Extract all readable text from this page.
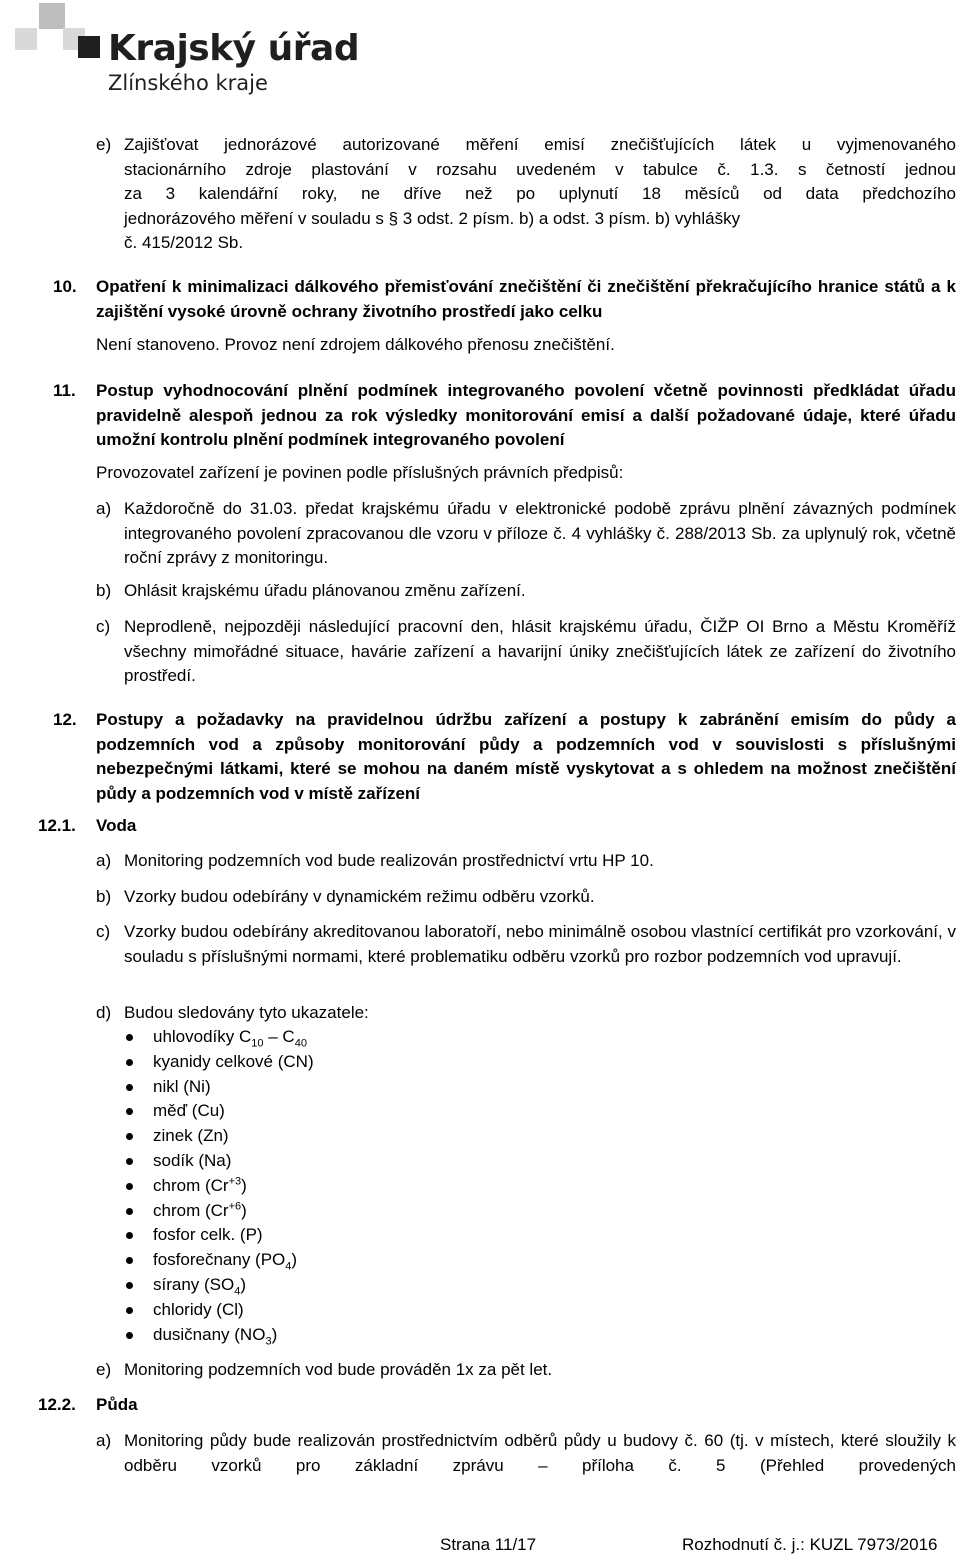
Krajský úřad
Zlínského kraje
e) Zajišťovat jednorázové autorizované měření emisí znečišťujících látek u vyjmenovaného
stacionárního zdroje plastování v rozsahu uvedeném v tabulce č. 1.3. s četností jednou
za 3 kalendářní roky, ne dříve než po uplynutí 18 měsíců od data předchozího
jednorázového měření v souladu s § 3 odst. 2 písm. b) a odst. 3 písm. b) vyhlášky
č. 415/2012 Sb.
10. Opatření k minimalizaci dálkového přemisťování znečištění či znečištění překračujícího hranice států a k zajištění vysoké úrovně ochrany životního prostředí jako celku
Není stanoveno. Provoz není zdrojem dálkového přenosu znečištění.
11. Postup vyhodnocování plnění podmínek integrovaného povolení včetně povinnosti předkládat úřadu pravidelně alespoň jednou za rok výsledky monitorování emisí a další požadované údaje, které úřadu umožní kontrolu plnění podmínek integrovaného povolení
Provozovatel zařízení je povinen podle příslušných právních předpisů:
a) Každoročně do 31.03. předat krajskému úřadu v elektronické podobě zprávu plnění závazných podmínek integrovaného povolení zpracovanou dle vzoru v příloze č. 4 vyhlášky č. 288/2013 Sb. za uplynulý rok, včetně roční zprávy z monitoringu.
b) Ohlásit krajskému úřadu plánovanou změnu zařízení.
c) Neprodleně, nejpozději následující pracovní den, hlásit krajskému úřadu, ČIŽP OI Brno a Městu Kroměříž všechny mimořádné situace, havárie zařízení a havarijní úniky znečišťujících látek ze zařízení do životního prostředí.
12. Postupy a požadavky na pravidelnou údržbu zařízení a postupy k zabránění emisím do půdy a podzemních vod a způsoby monitorování půdy a podzemních vod v souvislosti s příslušnými nebezpečnými látkami, které se mohou na daném místě vyskytovat a s ohledem na možnost znečištění půdy a podzemních vod v místě zařízení
12.1. Voda
a) Monitoring podzemních vod bude realizován prostřednictví vrtu HP 10.
b) Vzorky budou odebírány v dynamickém režimu odběru vzorků.
c) Vzorky budou odebírány akreditovanou laboratoří, nebo minimálně osobou vlastnící certifikát pro vzorkování, v souladu s příslušnými normami, které problematiku odběru vzorků pro rozbor podzemních vod upravují.
d) Budou sledovány tyto ukazatele:
uhlovodíky $C_{10} - C_{40}$
kyanidy celkové (CN)
nikl (Ni)
měď (Cu)
zinek (Zn)
sodík (Na)
chrom $(Cr^{+3})$
chrom $(Cr^{+6})$
fosfor celk. (P)
fosforečnany $(PO_4)$
sírany $(SO_4)$
chloridy (Cl)
dusičnany $(NO_3)$
e) Monitoring podzemních vod bude prováděn 1x za pět let.
12.2. Půda
a) Monitoring půdy bude realizován prostřednictvím odběrů půdy u budovy č. 60 (tj. v místech, které sloužily k odběru vzorků pro základní zprávu – příloha č. 5 (Přehled provedených
Strana 11/17	Rozhodnutí č. j.: KUZL 7973/2016
